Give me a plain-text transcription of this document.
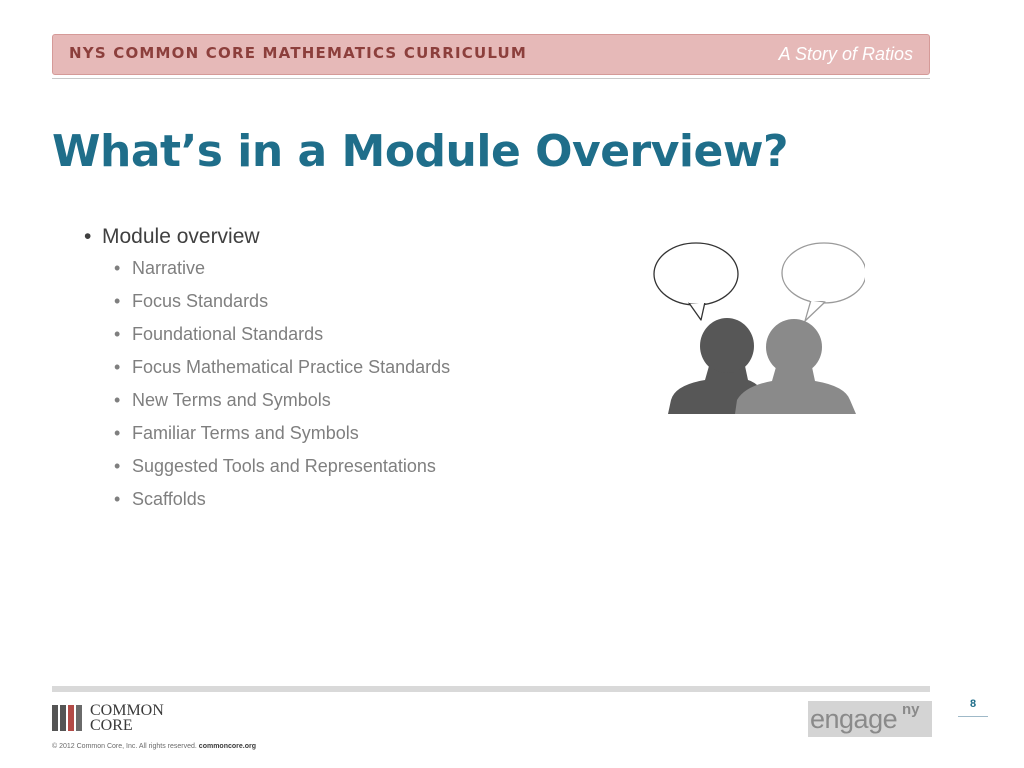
NYS COMMON CORE MATHEMATICS CURRICULUM	A Story of Ratios
What’s in a Module Overview?
• Module overview
• Narrative
• Focus Standards
• Foundational Standards
• Focus Mathematical Practice Standards
• New Terms and Symbols
• Familiar Terms and Symbols
• Suggested Tools and Representations
• Scaffolds
COMMON
CORE
© 2012 Common Core, Inc. All rights reserved. commoncore.org
engage ny	8
